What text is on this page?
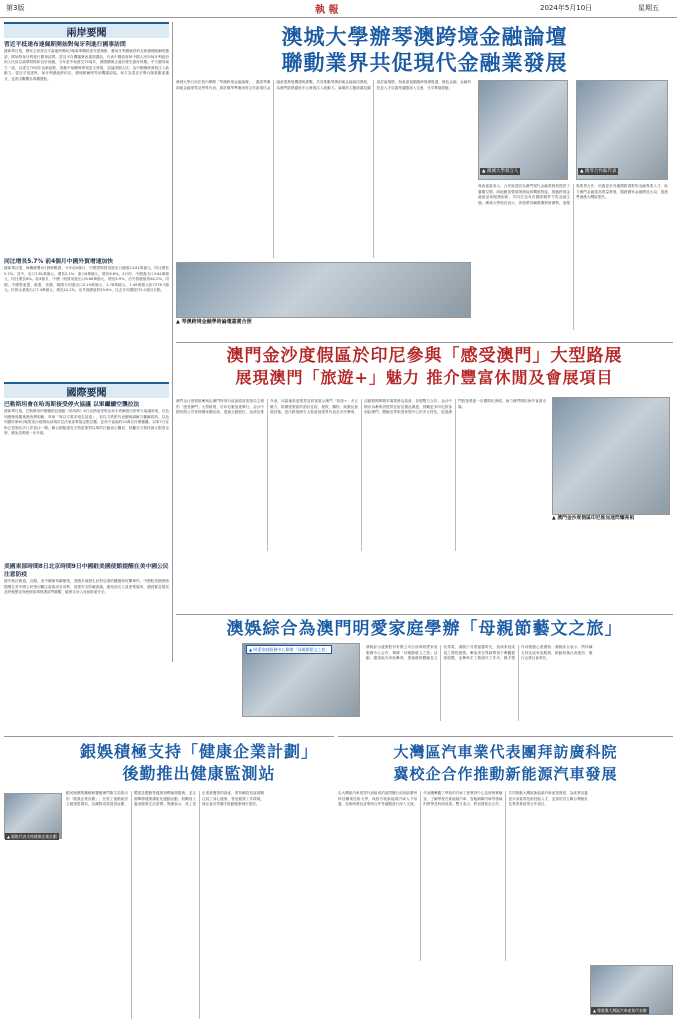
第3版	執 報	2024年5月10日	星期五
兩岸要聞
習近平抵達布達佩斯開始對匈牙利進行國事訪問
據新華社電，國家主席習近平當地時間8日晚乘專機抵達布達佩斯，應匈牙利總統舒約克和總理歐爾班邀請，開始對匈牙利進行國事訪問。習近平在機場發表書面講話，代表中國政府和中國人民向匈牙利政府和人民致以誠摯問候和良好祝願。今年是中匈建交75周年，兩國關係正處於歷史最好時期。中方願同匈方一道，以建交75周年為新起點，推動中匈關係實現更大發展，造福兩國人民，為中歐關係發展注入新動力。習近平抵達時，匈牙利總統舒約克、總理歐爾班等到機場迎接。匈方為習近平舉行隆重歡迎儀式，並派出戰機為專機護航。
同比增長5.7% 前4個月中國外貿增速加快
據新華社電，海關總署9日發佈數據，今年前4個月，中國貨物貿易進出口總值13.81萬億元，同比增長5.7%。其中，出口7.81萬億元，增長5.1%；進口6萬億元，增長6.6%。4月份，中國進出口3.64萬億元，同比增長8%。前4個月，中國一般貿易進出口8.86萬億元，增長4.9%，佔外貿總值的64.2%。同期，中國對東盟、歐盟、美國、韓國分別進出口2.19萬億元、1.78萬億元、1.49萬億元和7276.7億元。民營企業進出口7.4萬億元，增長10.2%，佔外貿總值的53.6%，比去年同期提升2.1個百分點。
國際要聞
巴勒斯坦會在哈馬斯接受停火協議 以軍繼續空襲拉法
據新華社電，巴勒斯坦伊斯蘭抵抗運動（哈馬斯）6日宣佈接受埃及和卡塔爾提出的停火協議草案。以色列總理府隨後發表聲明稱，草案「與以方要求相去甚遠」，但以方將派代表團與調解方繼續談判。以色列國防軍6日晚對加沙地帶南部城市拉法東部實施定點空襲，並命令當地約10萬名民眾撤離。以軍7日宣佈已控制拉法口岸加沙一側。聯合國秘書長古特雷斯對以軍的行動表示關切，呼籲各方保持最大限度克制，避免局勢進一步升級。
美國東部時間8日北京時間9日中國駐美國使館提醒在美中國公民注意防疫
據中新社報道，近期，美中關係持續緊張，美國多地發生針對亞裔的騷擾和攻擊事件。中國駐美國使館提醒在美中國公民密切關注當地治安形勢，加強安全防範意識，避免前往人員密集場所，遇到緊急情況及時報警並與使館領事保護部門聯繫，確保自身人身和財產安全。
澳城大學辦琴澳跨境金融論壇
聯動業界共促現代金融業發展
澳城大學日前在校內舉辦「琴澳跨境金融論壇」，邀請琴澳兩地金融業界及學界代表，探討橫琴粵澳深度合作區現代金融產業發展機遇與挑戰，共同推動琴澳兩地金融協同發展，為澳門經濟適度多元發展注入新動力。論壇設主題演講及圓桌討論環節，與會嘉賓圍繞跨境理財通、綠色金融、金融科技及人才培養等議題深入交流，分享實踐經驗。
▲ 琴澳跨境金融學術論壇嘉賓合照
▲ 澳城大學發言人	▲ 澳琴合作區代表
與會嘉賓表示，合作區建設為澳門現代金融業發展提供了廣闊空間，兩地應加強規則銜接和機制對接，推動跨境金融產品和服務創新，共同打造具有國際競爭力的金融生態。澳城大學校長表示，該校將持續發揮教研優勢，加強與業界合作，培養更多具備國際視野的金融專業人才，助力澳門金融業高質量發展，服務國家金融開放大局，促進粵港澳大灣區建設。
澳門金沙度假區於印尼參與「感受澳門」大型路展
展現澳門「旅遊+」魅力 推介豐富休閒及會展項目
澳門金沙度假區參與由澳門特別行政區政府旅遊局主辦的「感受澳門」大型路展，於印尼雅加達舉行。金沙中國有限公司管理層率團出席，透過互動展位、表演及推介會，向當地旅遊業界及旅客展示澳門「旅遊+」多元魅力，推廣度假區的酒店住宿、餐飲、購物、娛樂及會展設施。是次路展吸引大批當地業界代表及市民參與，活動期間舉辦多場業務洽談會，加強雙方合作。金沙中國亦為參與者提供住宿及禮品優惠，鼓勵更多印尼旅客到訪澳門，體驗世界旅遊休閒中心的多元特色，促進澳門旅遊業進一步國際化發展，助力澳門開拓海外客源市場。
▲ 澳門金沙度假區印尼推加速閃耀亮相
澳娛綜合為澳門明愛家庭學辦「母親節藝文之旅」
▲ 明愛家庭服務中心舉辦「母親節藝文之旅」	澳娛綜合渡假股份有限公司日前與明愛家庭服務中心合作，舉辦「母親節藝文之旅」活動，邀請區內家庭參與，透過藝術體驗及文化導賞，讓親子共度溫馨時光，加深家庭成員之間的感情。參加者在導師帶領下參觀藝術展覽，並參與手工藝創作工作坊，親手製作母親節心意禮物。澳娛綜合表示，將持續支持社區家庭服務，推動和諧社會建設，履行企業社會責任。
銀娛積極支持「健康企業計劃」
後勤推出健康監測站
▲ 銀娛代表支持健康企業計劃
銀河娛樂集團積極響應澳門衛生局推出的「健康企業計劃」，在員工後勤區設立健康監測站，為團隊成員提供血壓、體重及體脂等健康指標檢測服務，並定期舉辦健康講座及運動活動，鼓勵員工養成健康生活習慣。集團表示，員工是企業最寶貴的資產，將持續投放資源關注員工身心健康，營造健康工作環境，與社會各界攜手推動健康城市建設。
大灣區汽車業代表團拜訪廣科院
冀校企合作推動新能源汽車發展
由大灣區汽車業界代表組成的訪問團日前到訪廣州科技職業技術大學，與校方就新能源汽車人才培養、技術研發及產學研合作等議題進行深入交流。代表團參觀了學校的汽車工程實訓中心及研發實驗室，了解學校在新能源汽車、智能網聯汽車等領域的教學及科研成果。雙方表示，將加強校企合作，共同推動大灣區新能源汽車產業發展，為產業培養更多高素質技術技能人才，並探討設立聯合實驗室及實習基地等合作項目。
▲ 粵港澳大灣區汽車產業代表團
